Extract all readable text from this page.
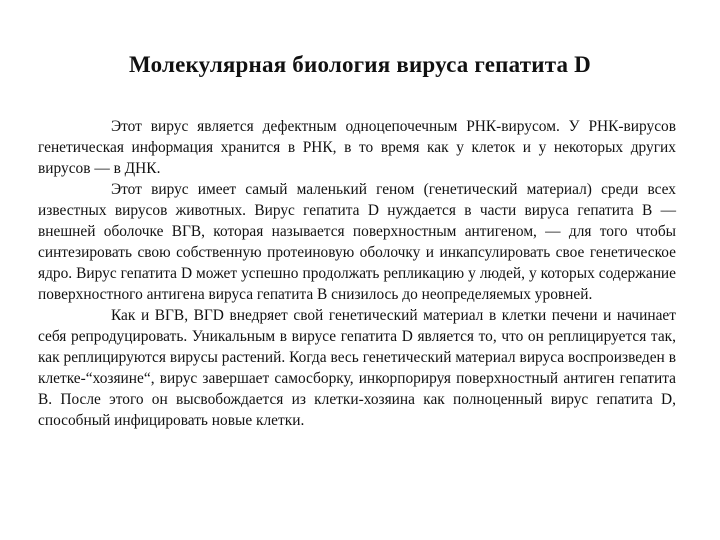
Молекулярная биология вируса гепатита D

Этот вирус является дефектным одноцепочечным РНК-вирусом. У РНК-вирусов генетическая информация хранится в РНК, в то время как у клеток и у некоторых других вирусов — в ДНК.

Этот вирус имеет самый маленький геном (генетический материал) среди всех известных вирусов животных. Вирус гепатита D нуждается в части вируса гепатита B — внешней оболочке ВГВ, которая называется поверхностным антигеном, — для того чтобы синтезировать свою собственную протеиновую оболочку и инкапсулировать свое генетическое ядро. Вирус гепатита D может успешно продолжать репликацию у людей, у которых содержание поверхностного антигена вируса гепатита B снизилось до неопределяемых уровней.

Как и ВГВ, ВГD внедряет свой генетический материал в клетки печени и начинает себя репродуцировать. Уникальным в вирусе гепатита D является то, что он реплицируется так, как реплицируются вирусы растений. Когда весь генетический материал вируса воспроизведен в клетке-“хозяине“, вирус завершает самосборку, инкорпорируя поверхностный антиген гепатита B. После этого он высвобождается из клетки-хозяина как полноценный вирус гепатита D, способный инфицировать новые клетки.
